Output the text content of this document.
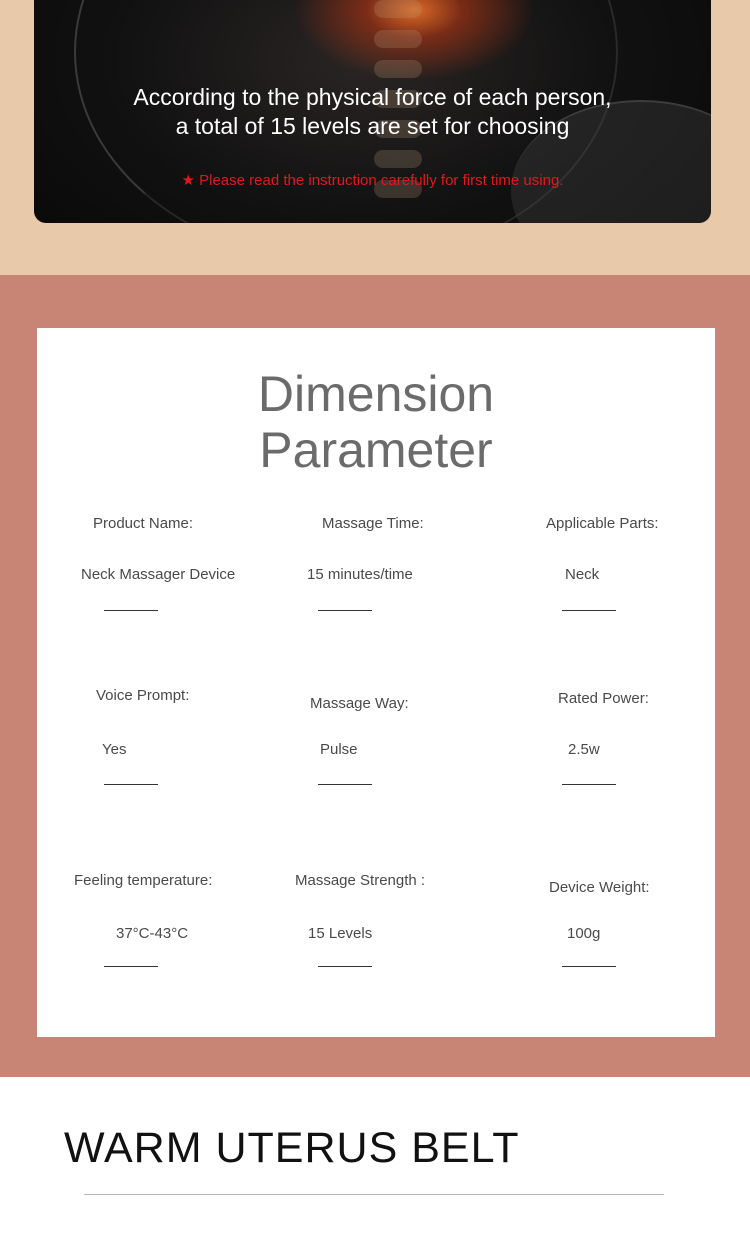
According to the physical force of each person,
a total of 15 levels are set for choosing
★ Please read the instruction carefully for first time using.
Dimension
Parameter
Product Name:
Neck Massager Device
Massage Time:
15 minutes/time
Applicable Parts:
Neck
Voice Prompt:
Yes
Massage Way:
Pulse
Rated Power:
2.5w
Feeling temperature:
37°C-43°C
Massage Strength :
15 Levels
Device Weight:
100g
WARM UTERUS BELT
